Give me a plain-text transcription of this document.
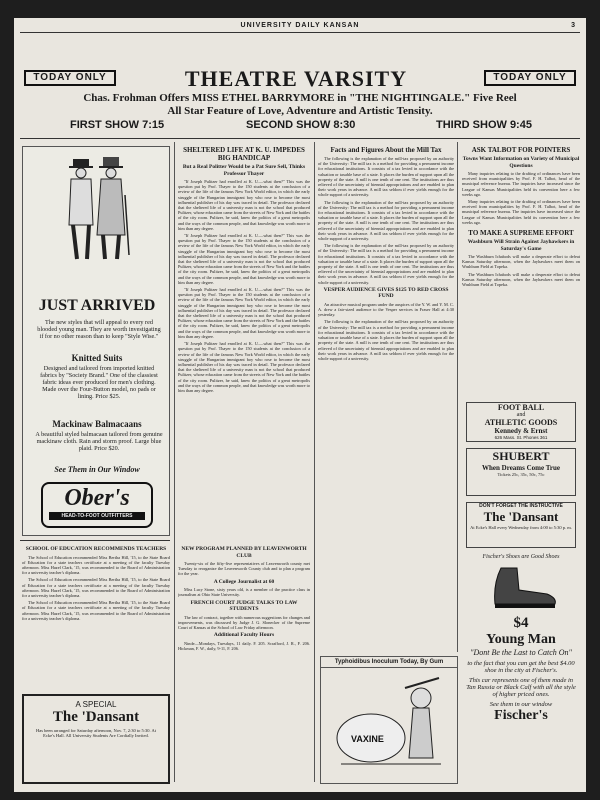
UNIVERSITY DAILY KANSAN	3
TODAY ONLY	THEATRE VARSITY	TODAY ONLY
Chas. Frohman Offers MISS ETHEL BARRYMORE in "THE NIGHTINGALE." Five Reel
All Star Feature of Love, Adventure and Artistic Tensity.
FIRST SHOW 7:15	SECOND SHOW 8:30	THIRD SHOW 9:45
JUST ARRIVED
The new styles that will appeal to every red blooded young man. They are worth investigating if for no other reason than to keep "Style Wise."
Knitted Suits
Designed and tailored from imported knitted fabrics by "Society Brand." One of the classiest fabric ideas ever produced for men's clothing. Made over the Four-Button model, no pads or lining. Price $25.
Mackinaw Balmacaans
A beautiful styled balmacaan tailored from genuine mackinaw cloth. Rain and storm proof. Large blue plaid. Price $20.
See Them in Our Window
Ober's
HEAD-TO-FOOT OUTFITTERS
SHELTERED LIFE AT K. U. IMPEDES BIG HANDICAP
But a Real Politter Would be a Pat Sure Sell, Thinks Professor Thayer

"If Joseph Pulitzer had enrolled at K. U.—what then?" This was the question put by Prof. Thayer to the 150 students at the conclusion of a review of the life of the famous New York World editor, in which the early struggle of the Hungarian immigrant boy who rose to become the most influential publisher of his day was traced in detail. The professor declared that the sheltered life of a university man is not the school that produced Pulitzer, whose education came from the streets of New York and the battles of the city room. Pulitzer, he said, knew the politics of a great metropolis and the ways of the common people, and that knowledge was worth more to him than any degree.

"If Joseph Pulitzer had enrolled at K. U.—what then?" This was the question put by Prof. Thayer to the 150 students at the conclusion of a review of the life of the famous New York World editor, in which the early struggle of the Hungarian immigrant boy who rose to become the most influential publisher of his day was traced in detail. The professor declared that the sheltered life of a university man is not the school that produced Pulitzer, whose education came from the streets of New York and the battles of the city room. Pulitzer, he said, knew the politics of a great metropolis and the ways of the common people, and that knowledge was worth more to him than any degree.

"If Joseph Pulitzer had enrolled at K. U.—what then?" This was the question put by Prof. Thayer to the 150 students at the conclusion of a review of the life of the famous New York World editor, in which the early struggle of the Hungarian immigrant boy who rose to become the most influential publisher of his day was traced in detail. The professor declared that the sheltered life of a university man is not the school that produced Pulitzer, whose education came from the streets of New York and the battles of the city room. Pulitzer, he said, knew the politics of a great metropolis and the ways of the common people, and that knowledge was worth more to him than any degree.

"If Joseph Pulitzer had enrolled at K. U.—what then?" This was the question put by Prof. Thayer to the 150 students at the conclusion of a review of the life of the famous New York World editor, in which the early struggle of the Hungarian immigrant boy who rose to become the most influential publisher of his day was traced in detail. The professor declared that the sheltered life of a university man is not the school that produced Pulitzer, whose education came from the streets of New York and the battles of the city room. Pulitzer, he said, knew the politics of a great metropolis and the ways of the common people, and that knowledge was worth more to him than any degree.

Facts and Figures About the Mill Tax

The following is the explanation of the mill-tax proposed by an authority of the University: The mill tax is a method for providing a permanent income for educational institutions. It consists of a tax levied in accordance with the valuation or taxable base of a state. It places the burden of support upon all the property of the state. A mill is one tenth of one cent. The institutions are thus relieved of the uncertainty of biennial appropriations and are enabled to plan their work years in advance. A mill tax seldom if ever yields enough for the whole support of a university.

The following is the explanation of the mill-tax proposed by an authority of the University: The mill tax is a method for providing a permanent income for educational institutions. It consists of a tax levied in accordance with the valuation or taxable base of a state. It places the burden of support upon all the property of the state. A mill is one tenth of one cent. The institutions are thus relieved of the uncertainty of biennial appropriations and are enabled to plan their work years in advance. A mill tax seldom if ever yields enough for the whole support of a university.

The following is the explanation of the mill-tax proposed by an authority of the University: The mill tax is a method for providing a permanent income for educational institutions. It consists of a tax levied in accordance with the valuation or taxable base of a state. It places the burden of support upon all the property of the state. A mill is one tenth of one cent. The institutions are thus relieved of the uncertainty of biennial appropriations and are enabled to plan their work years in advance. A mill tax seldom if ever yields enough for the whole support of a university.

VESPER AUDIENCE GIVES $125 TO RED CROSS FUND

An attractive musical program under the auspices of the Y. W. and Y. M. C. A. drew a fair-sized audience to the Vesper services in Fraser Hall at 4:30 yesterday.

The following is the explanation of the mill-tax proposed by an authority of the University: The mill tax is a method for providing a permanent income for educational institutions. It consists of a tax levied in accordance with the valuation or taxable base of a state. It places the burden of support upon all the property of the state. A mill is one tenth of one cent. The institutions are thus relieved of the uncertainty of biennial appropriations and are enabled to plan their work years in advance. A mill tax seldom if ever yields enough for the whole support of a university.

ASK TALBOT FOR POINTERS
Towns Want Information on Variety of Municipal Questions

Many inquiries relating to the drafting of ordinances have been received from municipalities by Prof. F. H. Talbot, head of the municipal reference bureau. The inquiries have increased since the League of Kansas Municipalities held its convention here a few weeks ago.

Many inquiries relating to the drafting of ordinances have been received from municipalities by Prof. F. H. Talbot, head of the municipal reference bureau. The inquiries have increased since the League of Kansas Municipalities held its convention here a few weeks ago.

TO MAKE A SUPREME EFFORT
Washburn Will Strain Against Jayhawkers in Saturday's Game

The Washburn Ichabods will make a desperate effort to defeat Kansas Saturday afternoon, when the Jayhawkers meet them on Washburn Field at Topeka.

The Washburn Ichabods will make a desperate effort to defeat Kansas Saturday afternoon, when the Jayhawkers meet them on Washburn Field at Topeka.

FOOT BALL
and
ATHLETIC GOODS
Kennedy & Ernst
626 Mass. St. Phones 361
SHUBERT
When Dreams Come True
Tickets 25c, 35c, 50c, 75c
DON'T FORGET THE INSTRUCTIVE
The 'Dansant
At Ecke's Hall every Wednesday from 4:00 to 5:30 p. m.
Fischer's Shoes are Good Shoes
$4
Young Man
"Dont Be the Last to Catch On"
to the fact that you can get the best $4.00 shoe in the city at Fischer's.
This car represents one of them made in Tan Russia or Black Calf with all the style of higher priced ones.
See them in our window
Fischer's
SCHOOL OF EDUCATION RECOMMENDS TEACHERS

The School of Education recommended Miss Bertha Hill, '15, to the State Board of Education for a state teachers certificate at a meeting of the faculty Tuesday afternoon. Miss Hazel Clark, '15, was recommended to the Board of Administration for a university teacher's diploma.

The School of Education recommended Miss Bertha Hill, '15, to the State Board of Education for a state teachers certificate at a meeting of the faculty Tuesday afternoon. Miss Hazel Clark, '15, was recommended to the Board of Administration for a university teacher's diploma.

The School of Education recommended Miss Bertha Hill, '15, to the State Board of Education for a state teachers certificate at a meeting of the faculty Tuesday afternoon. Miss Hazel Clark, '15, was recommended to the Board of Administration for a university teacher's diploma.

A SPECIAL
The 'Dansant
Has been arranged for Saturday afternoon, Nov. 7, 2:30 to 5:30. At Ecke's Hall. All University Students Are Cordially Invited.
NEW PROGRAM PLANNED BY LEAVENWORTH CLUB

Twenty-six of the fifty-five representatives of Leavenworth county met Tuesday to reorganize the Leavenworth County club and to plan a program for the year.

A College Journalist at 60

Miss Lucy Stone, sixty years old, is a member of the practice class in journalism at Ohio State University.

FRENCH COURT JUDGE TALKS TO LAW STUDENTS

The law of contract, together with numerous suggestions for changes and improvements, was discussed by Judge J. G. Slonecker of the Supreme Court of Kansas at the School of Law Friday afternoon.

Additional Faculty Hours

Ninde—Mondays, Tuesdays, 11 daily. F. 205. Scrafford, J. R., F. 206. Hickman, F. W., daily, 9-11, F. 206.

Typhoidibus Inoculum Today, By Gum
VAXINE
